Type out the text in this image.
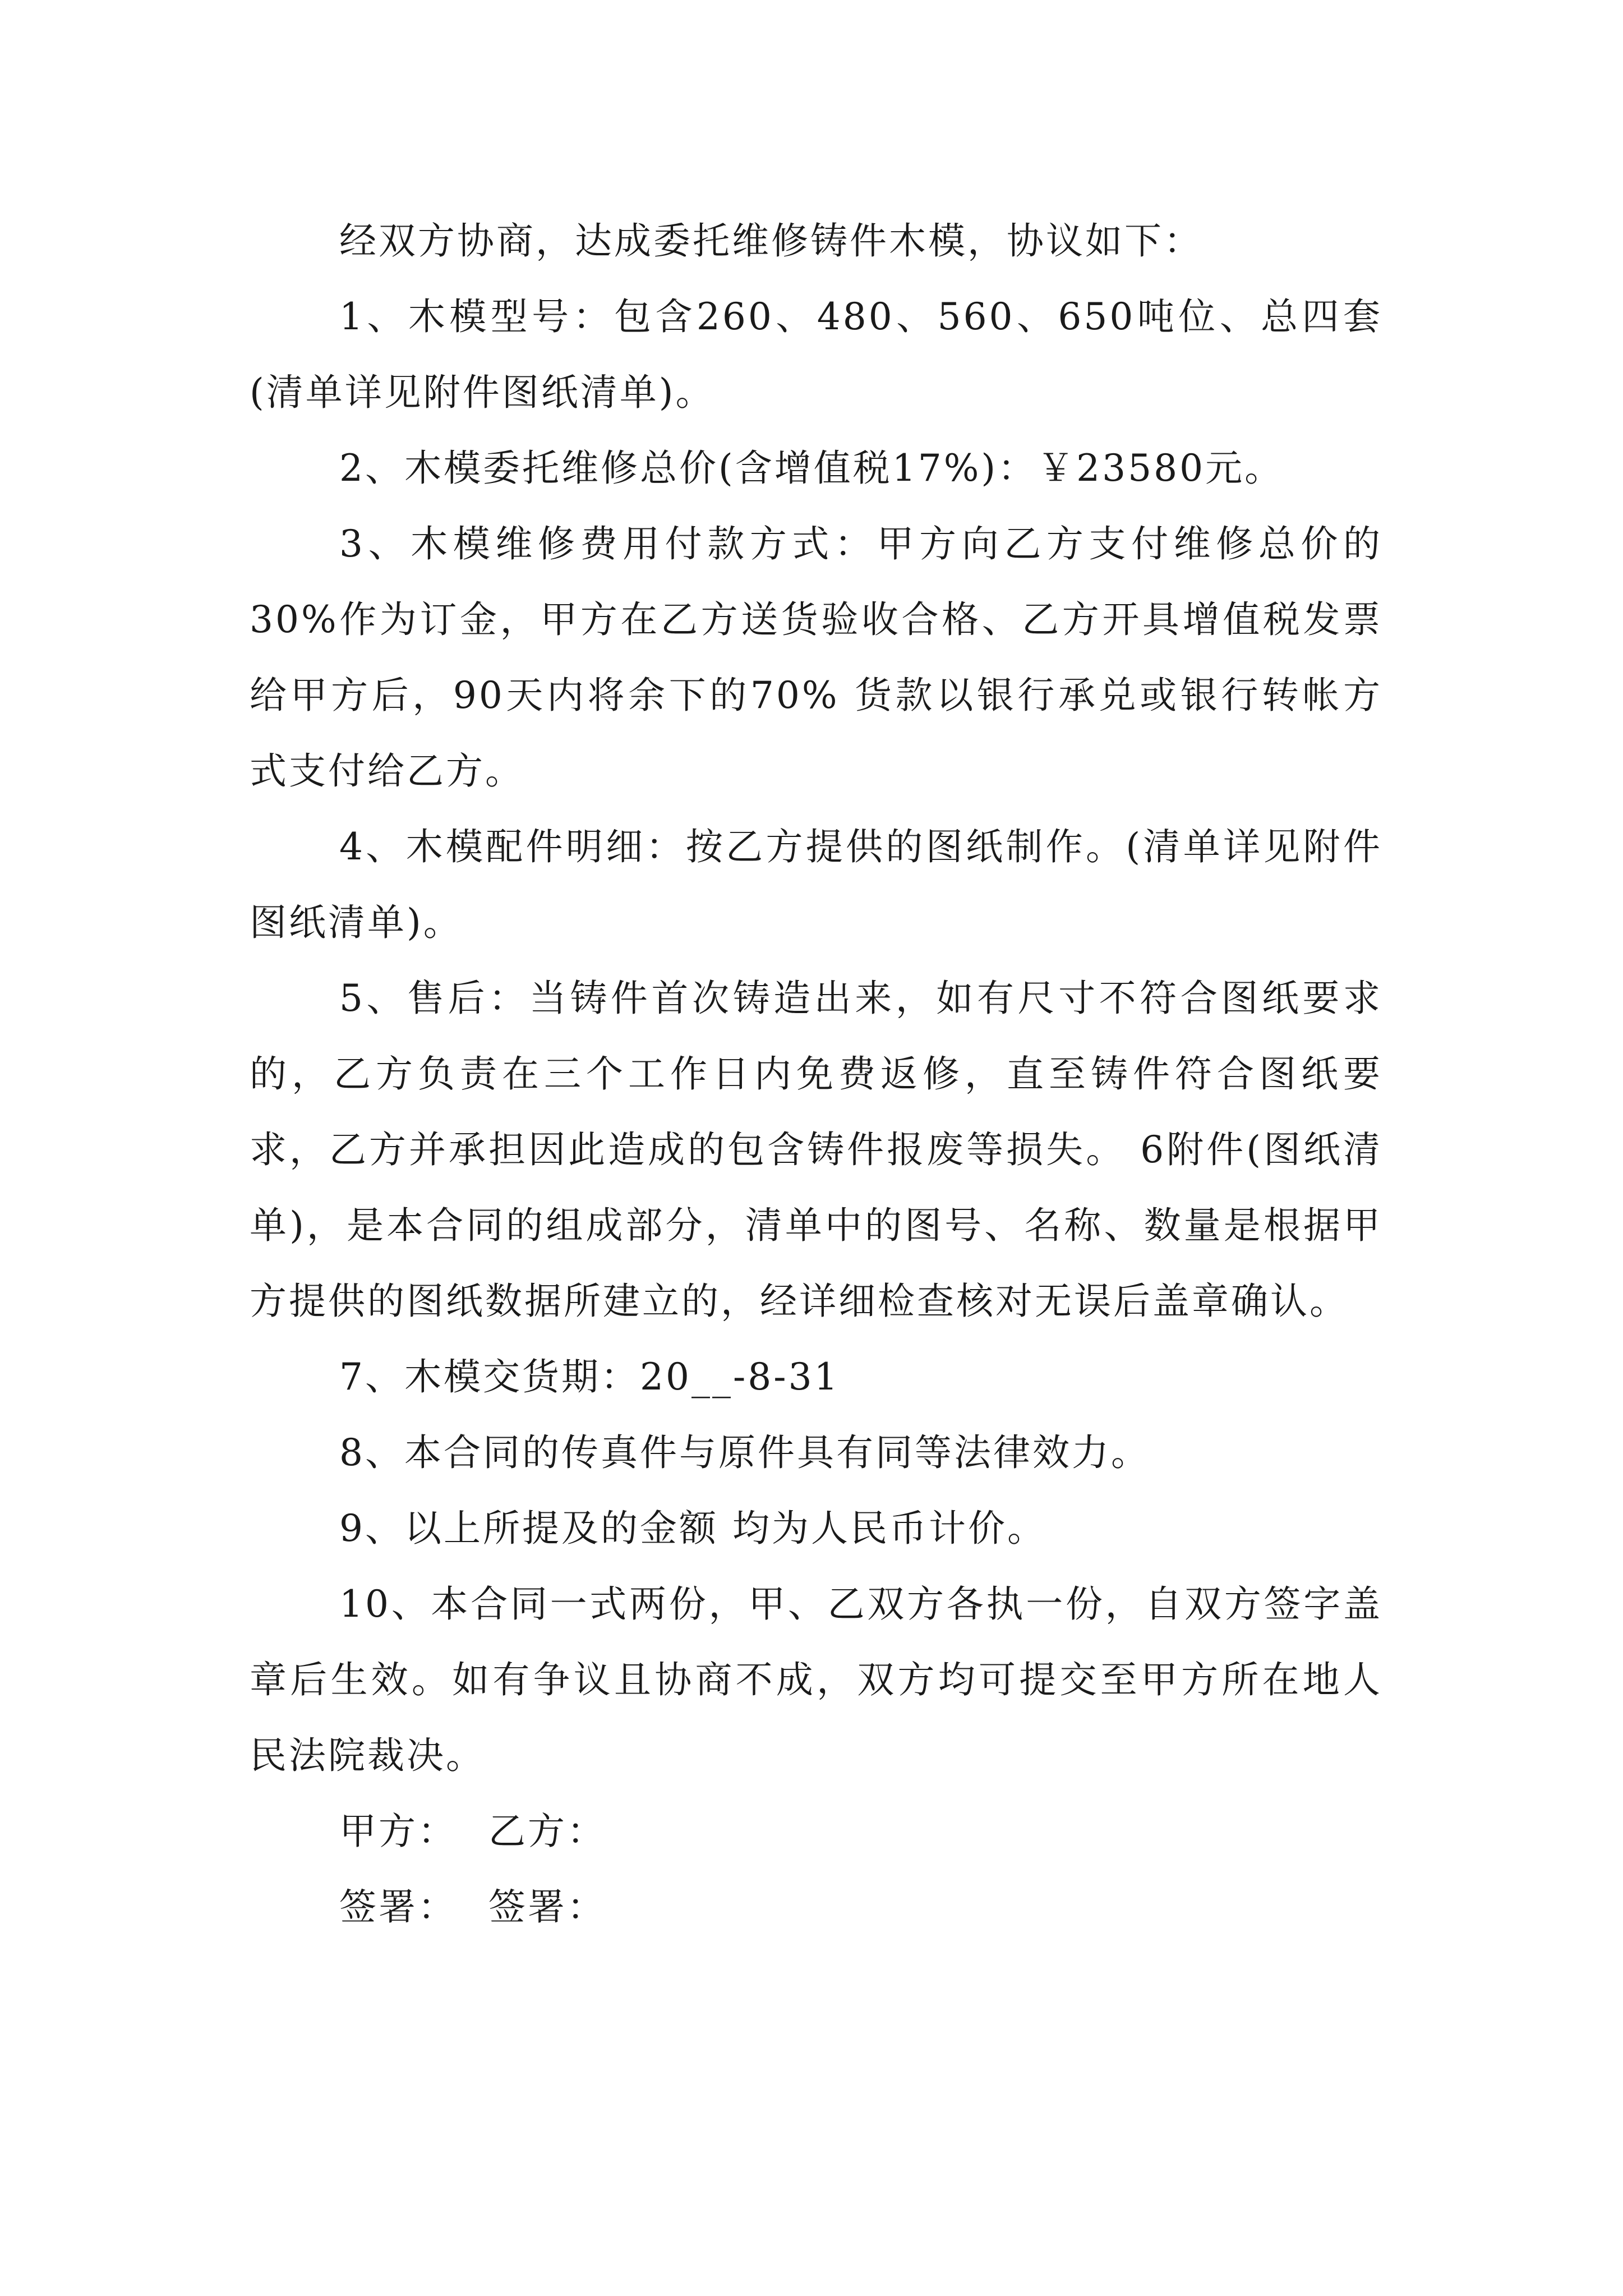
经双方协商，达成委托维修铸件木模，协议如下：

1、木模型号：包含260、480、560、650吨位、总四套(清单详见附件图纸清单)。

2、木模委托维修总价(含增值税17%)：￥23580元。

3、木模维修费用付款方式：甲方向乙方支付维修总价的30%作为订金，甲方在乙方送货验收合格、乙方开具增值税发票给甲方后，90天内将余下的70% 货款以银行承兑或银行转帐方式支付给乙方。

4、木模配件明细：按乙方提供的图纸制作。(清单详见附件图纸清单)。

5、售后：当铸件首次铸造出来，如有尺寸不符合图纸要求的，乙方负责在三个工作日内免费返修，直至铸件符合图纸要求，乙方并承担因此造成的包含铸件报废等损失。 6附件(图纸清单)，是本合同的组成部分，清单中的图号、名称、数量是根据甲方提供的图纸数据所建立的，经详细检查核对无误后盖章确认。

7、木模交货期：20__-8-31

8、本合同的传真件与原件具有同等法律效力。

9、以上所提及的金额 均为人民币计价。

10、本合同一式两份，甲、乙双方各执一份，自双方签字盖章后生效。如有争议且协商不成，双方均可提交至甲方所在地人民法院裁决。

甲方： 乙方：
签署： 签署：
